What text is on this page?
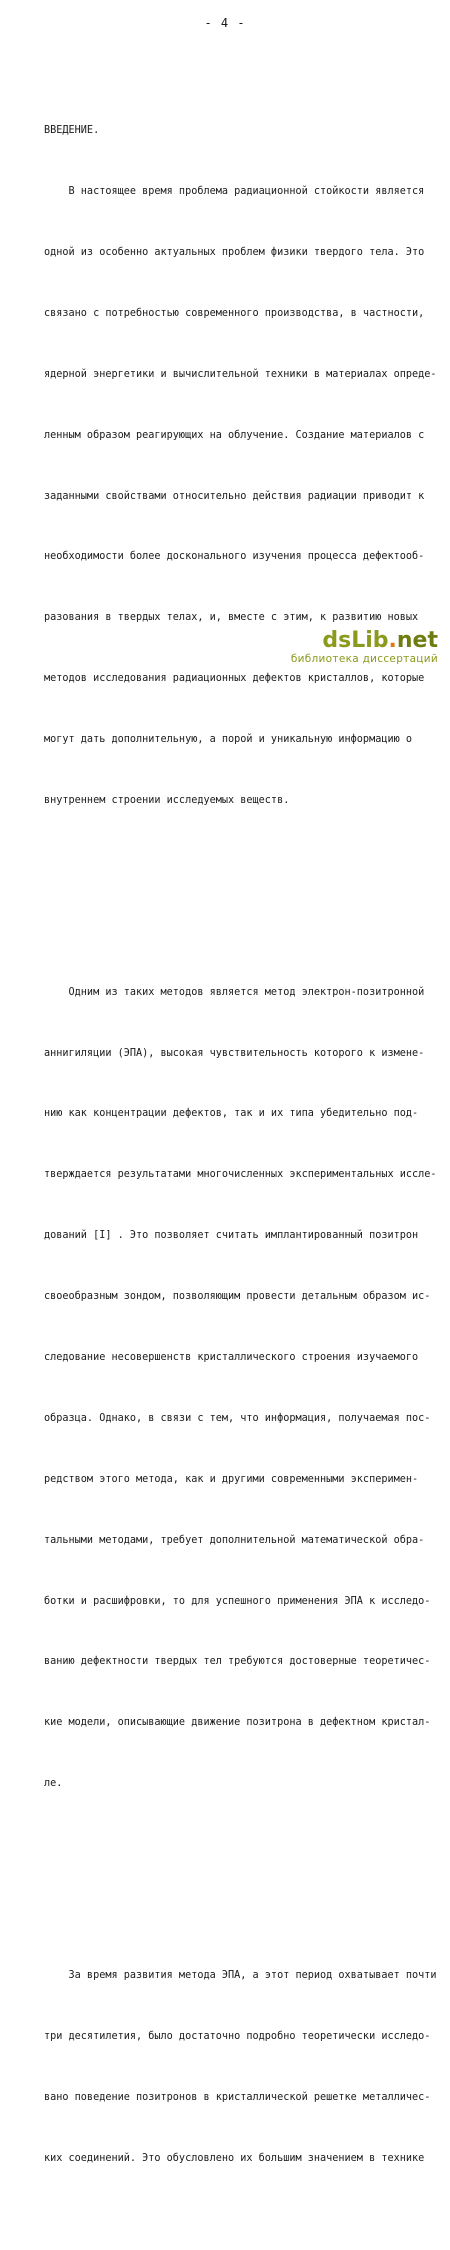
- 4 -

ВВЕДЕНИЕ.

В настоящее время проблема радиационной стойкости является

одной из особенно актуальных проблем физики твердого тела. Это

связано с потребностью современного производства, в частности,

ядерной энергетики и вычислительной техники в материалах опреде-

ленным образом реагирующих на облучение. Создание материалов с

заданными свойствами относительно действия радиации приводит к

необходимости более досконального изучения процесса дефектооб-

разования в твердых телах, и, вместе с этим, к развитию новых

методов исследования радиационных дефектов кристаллов, которые

могут дать дополнительную, а порой и уникальную информацию о

внутреннем строении исследуемых веществ.

Одним из таких методов является метод электрон-позитронной

аннигиляции (ЭПА), высокая чувствительность которого к измене-

нию как концентрации дефектов, так и их типа убедительно под-

тверждается результатами многочисленных экспериментальных иссле-

дований [I] . Это позволяет считать имплантированный позитрон

своеобразным зондом, позволяющим провести детальным образом ис-

следование несовершенств кристаллического строения изучаемого

образца. Однако, в связи с тем, что информация, получаемая пос-

редством этого метода, как и другими современными эксперимен-

тальными методами, требует дополнительной математической обра-

ботки и расшифровки, то для успешного применения ЭПА к исследо-

ванию дефектности твердых тел требуются достоверные теоретичес-

кие модели, описывающие движение позитрона в дефектном кристал-

ле.

За время развития метода ЭПА, а этот период охватывает почти

три десятилетия, было достаточно подробно теоретически исследо-

вано поведение позитронов в кристаллической решетке металличес-

ких соединений. Это обусловлено их большим значением в технике

dsLib.net
библиотека диссертаций
